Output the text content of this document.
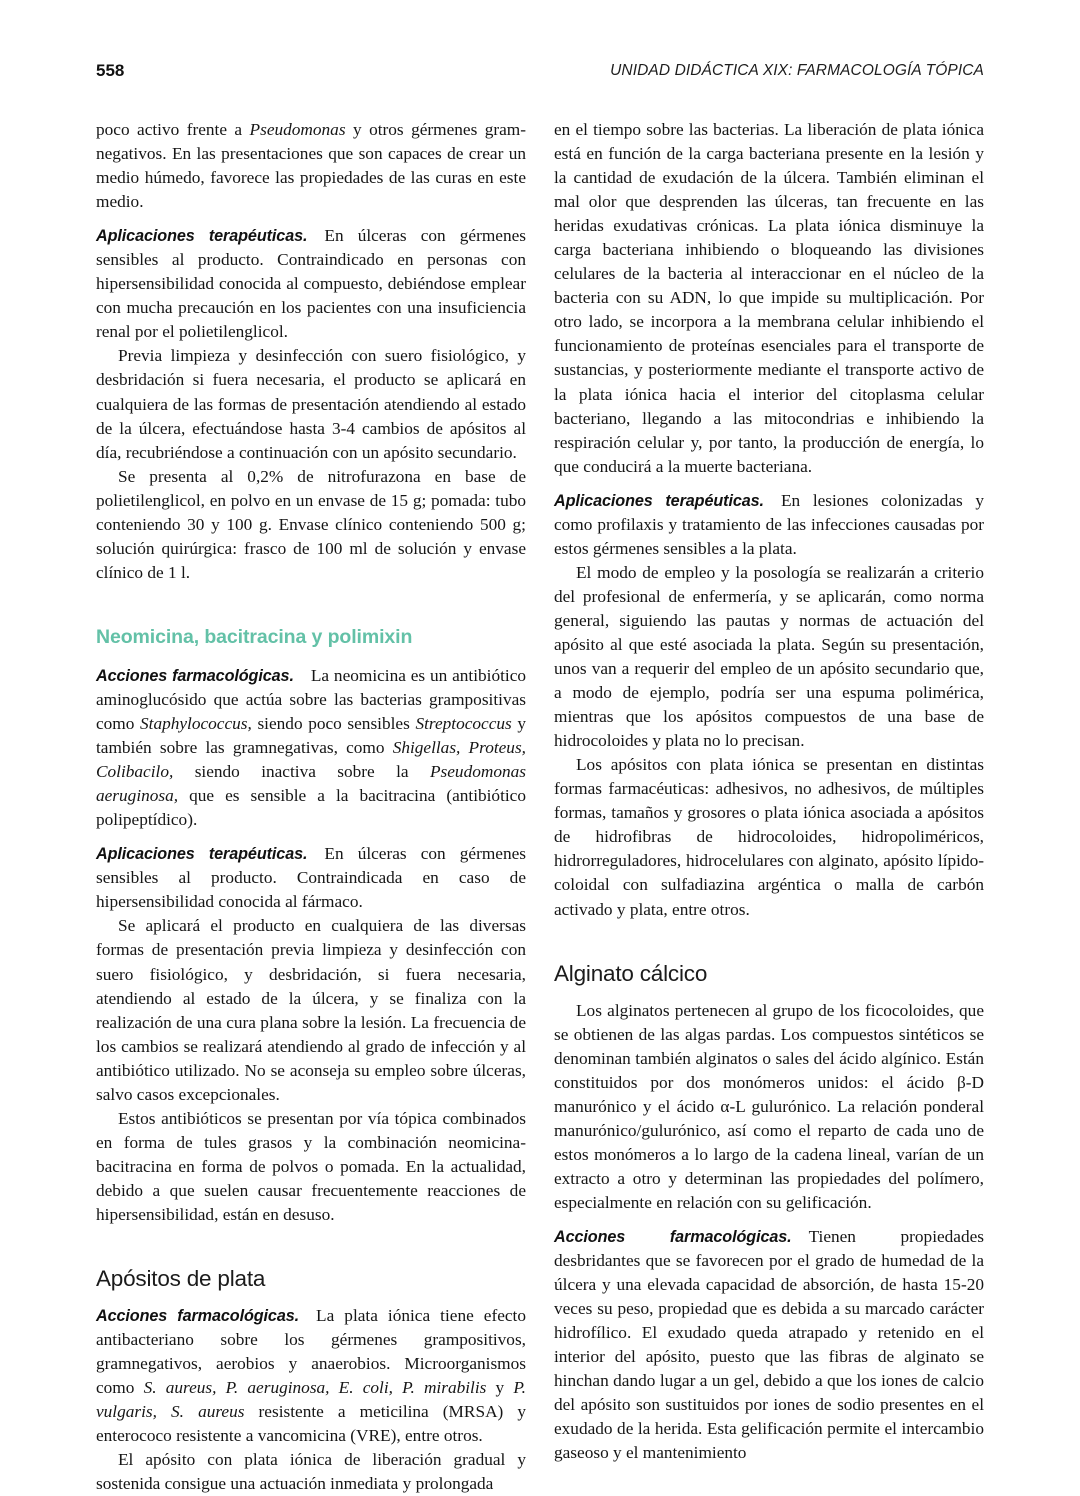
558	UNIDAD DIDÁCTICA XIX: FARMACOLOGÍA TÓPICA

poco activo frente a Pseudomonas y otros gérmenes gram-negativos. En las presentaciones que son capaces de crear un medio húmedo, favorece las propiedades de las curas en este medio.

Aplicaciones terapéuticas. En úlceras con gérmenes sensibles al producto. Contraindicado en personas con hipersensibilidad conocida al compuesto, debiéndose emplear con mucha precaución en los pacientes con una insuficiencia renal por el polietilenglicol.

Previa limpieza y desinfección con suero fisiológico, y desbridación si fuera necesaria, el producto se aplicará en cualquiera de las formas de presentación atendiendo al estado de la úlcera, efectuándose hasta 3-4 cambios de apósitos al día, recubriéndose a continuación con un apósito secundario.

Se presenta al 0,2% de nitrofurazona en base de polietilenglicol, en polvo en un envase de 15 g; pomada: tubo conteniendo 30 y 100 g. Envase clínico conteniendo 500 g; solución quirúrgica: frasco de 100 ml de solución y envase clínico de 1 l.

Neomicina, bacitracina y polimixin

Acciones farmacológicas. La neomicina es un antibiótico aminoglucósido que actúa sobre las bacterias grampositivas como Staphylococcus, siendo poco sensibles Streptococcus y también sobre las gramnegativas, como Shigellas, Proteus, Colibacilo, siendo inactiva sobre la Pseudomonas aeruginosa, que es sensible a la bacitracina (antibiótico polipeptídico).

Aplicaciones terapéuticas. En úlceras con gérmenes sensibles al producto. Contraindicada en caso de hipersensibilidad conocida al fármaco.

Se aplicará el producto en cualquiera de las diversas formas de presentación previa limpieza y desinfección con suero fisiológico, y desbridación, si fuera necesaria, atendiendo al estado de la úlcera, y se finaliza con la realización de una cura plana sobre la lesión. La frecuencia de los cambios se realizará atendiendo al grado de infección y al antibiótico utilizado. No se aconseja su empleo sobre úlceras, salvo casos excepcionales.

Estos antibióticos se presentan por vía tópica combinados en forma de tules grasos y la combinación neomicina-bacitracina en forma de polvos o pomada. En la actualidad, debido a que suelen causar frecuentemente reacciones de hipersensibilidad, están en desuso.

Apósitos de plata

Acciones farmacológicas. La plata iónica tiene efecto antibacteriano sobre los gérmenes grampositivos, gramnegativos, aerobios y anaerobios. Microorganismos como S. aureus, P. aeruginosa, E. coli, P. mirabilis y P. vulgaris, S. aureus resistente a meticilina (MRSA) y enterococo resistente a vancomicina (VRE), entre otros.

El apósito con plata iónica de liberación gradual y sostenida consigue una actuación inmediata y prolongada

en el tiempo sobre las bacterias. La liberación de plata iónica está en función de la carga bacteriana presente en la lesión y la cantidad de exudación de la úlcera. También eliminan el mal olor que desprenden las úlceras, tan frecuente en las heridas exudativas crónicas. La plata iónica disminuye la carga bacteriana inhibiendo o bloqueando las divisiones celulares de la bacteria al interaccionar en el núcleo de la bacteria con su ADN, lo que impide su multiplicación. Por otro lado, se incorpora a la membrana celular inhibiendo el funcionamiento de proteínas esenciales para el transporte de sustancias, y posteriormente mediante el transporte activo de la plata iónica hacia el interior del citoplasma celular bacteriano, llegando a las mitocondrias e inhibiendo la respiración celular y, por tanto, la producción de energía, lo que conducirá a la muerte bacteriana.

Aplicaciones terapéuticas. En lesiones colonizadas y como profilaxis y tratamiento de las infecciones causadas por estos gérmenes sensibles a la plata.

El modo de empleo y la posología se realizarán a criterio del profesional de enfermería, y se aplicarán, como norma general, siguiendo las pautas y normas de actuación del apósito al que esté asociada la plata. Según su presentación, unos van a requerir del empleo de un apósito secundario que, a modo de ejemplo, podría ser una espuma polimérica, mientras que los apósitos compuestos de una base de hidrocoloides y plata no lo precisan.

Los apósitos con plata iónica se presentan en distintas formas farmacéuticas: adhesivos, no adhesivos, de múltiples formas, tamaños y grosores o plata iónica asociada a apósitos de hidrofibras de hidrocoloides, hidropoliméricos, hidrorreguladores, hidrocelulares con alginato, apósito lípido-coloidal con sulfadiazina argéntica o malla de carbón activado y plata, entre otros.

Alginato cálcico

Los alginatos pertenecen al grupo de los ficocoloides, que se obtienen de las algas pardas. Los compuestos sintéticos se denominan también alginatos o sales del ácido algínico. Están constituidos por dos monómeros unidos: el ácido β-D manurónico y el ácido α-L gulurónico. La relación ponderal manurónico/gulurónico, así como el reparto de cada uno de estos monómeros a lo largo de la cadena lineal, varían de un extracto a otro y determinan las propiedades del polímero, especialmente en relación con su gelificación.

Acciones farmacológicas. Tienen propiedades desbridantes que se favorecen por el grado de humedad de la úlcera y una elevada capacidad de absorción, de hasta 15-20 veces su peso, propiedad que es debida a su marcado carácter hidrofílico. El exudado queda atrapado y retenido en el interior del apósito, puesto que las fibras de alginato se hinchan dando lugar a un gel, debido a que los iones de calcio del apósito son sustituidos por iones de sodio presentes en el exudado de la herida. Esta gelificación permite el intercambio gaseoso y el mantenimiento
